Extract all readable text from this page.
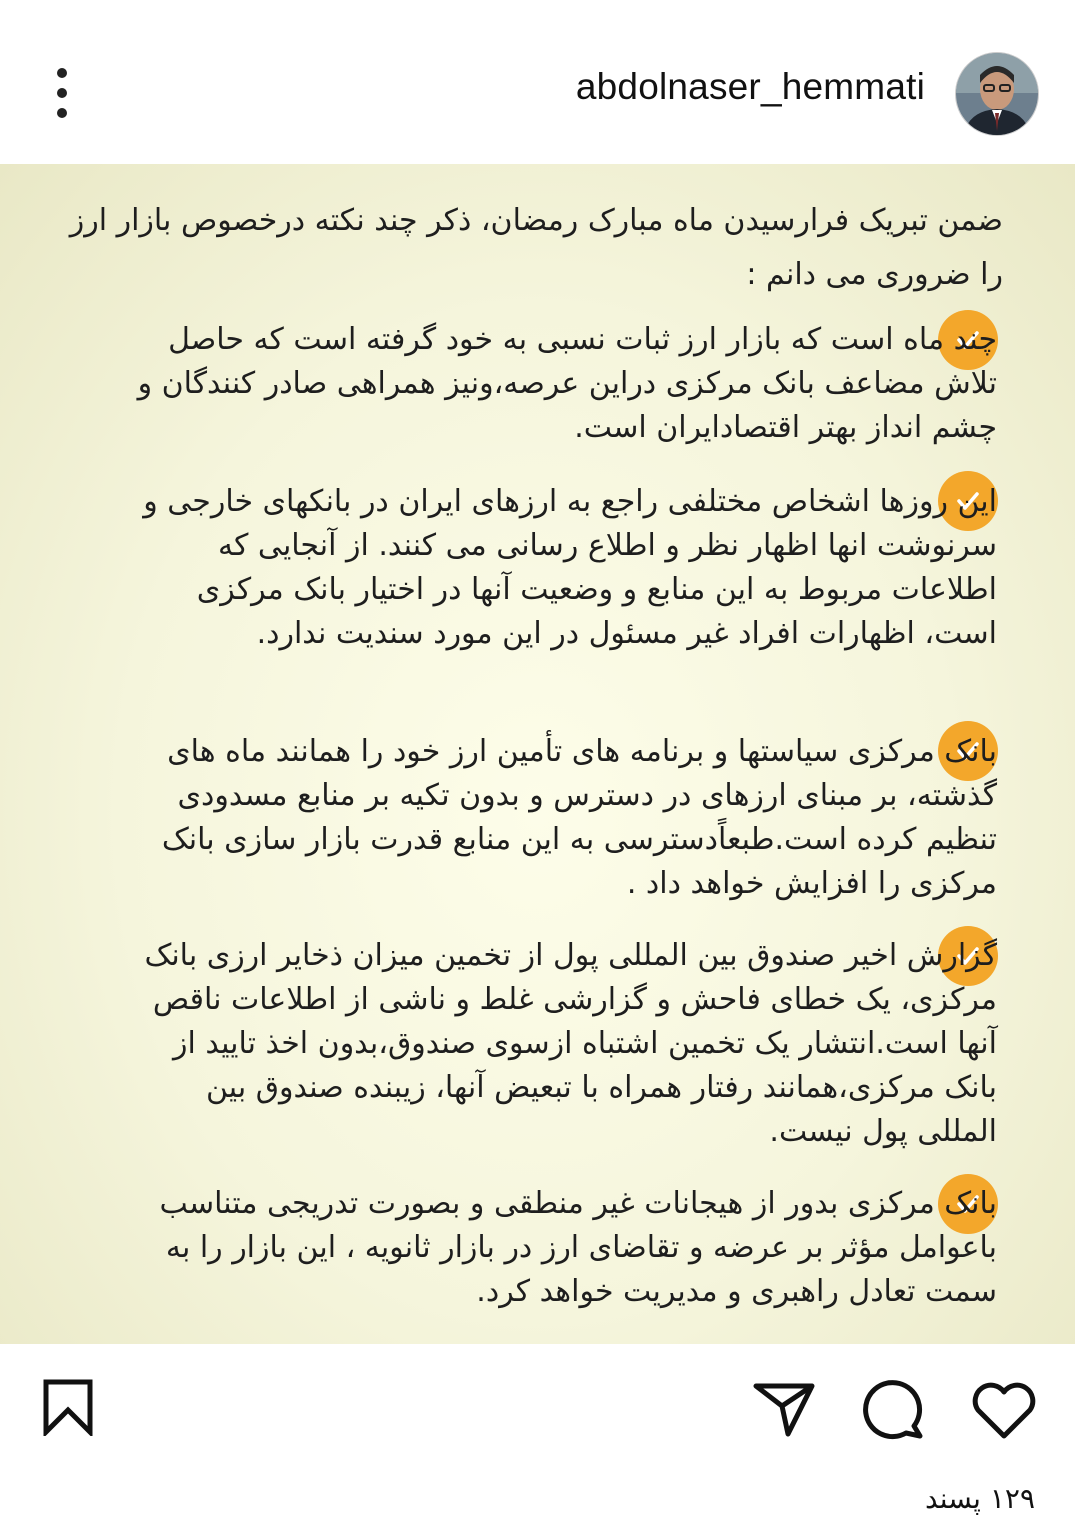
abdolnaser_hemmati
ضمن تبریک فرارسیدن ماه مبارک رمضان، ذکر چند نکته درخصوص بازار ارز را ضروری می دانم :
چند ماه است که بازار ارز ثبات نسبی به خود گرفته است که حاصل تلاش مضاعف بانک مرکزی دراین عرصه،ونیز همراهی صادر کنندگان و چشم انداز بهتر اقتصادایران است.
این روزها اشخاص مختلفی راجع به ارزهای ایران در بانکهای خارجی و سرنوشت انها اظهار نظر و اطلاع رسانی می کنند. از آنجایی که اطلاعات مربوط به این منابع و وضعیت آنها در اختیار بانک مرکزی است، اظهارات افراد غیر مسئول در این مورد سندیت ندارد.
بانک مرکزی سیاستها و برنامه های تأمین ارز خود را همانند ماه های گذشته، بر مبنای ارزهای در دسترس و بدون تکیه بر منابع مسدودی تنظیم کرده است.طبعاًدسترسی به این منابع قدرت بازار سازی بانک مرکزی را افزایش خواهد داد .
گزارش اخیر صندوق بین المللی پول از تخمین میزان ذخایر ارزی بانک مرکزی، یک خطای فاحش و گزارشی غلط و ناشی از اطلاعات ناقص آنها است.انتشار یک تخمین اشتباه ازسوی صندوق،بدون اخذ تایید از بانک مرکزی،همانند رفتار همراه با تبعیض آنها، زیبنده صندوق بین المللی پول نیست.
بانک مرکزی بدور از هیجانات غیر منطقی و بصورت تدریجی متناسب باعوامل مؤثر بر عرضه و تقاضای ارز در بازار ثانویه ، این بازار را به سمت تعادل راهبری و مدیریت خواهد کرد.
۱۲۹ پسند
